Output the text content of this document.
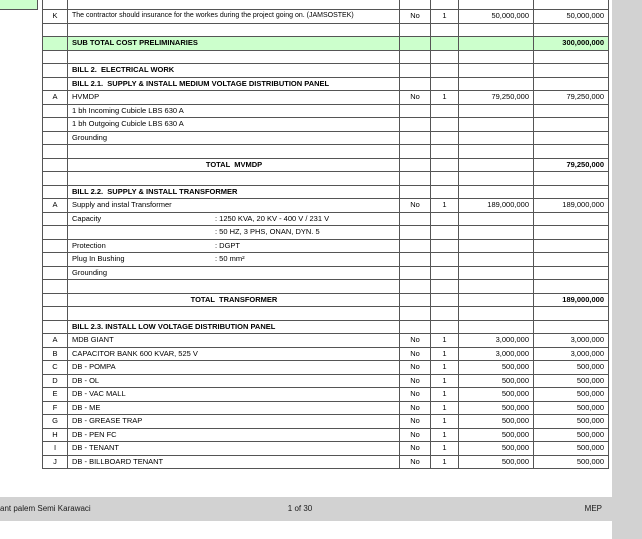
K	The contractor should insurance for the workes during the project going on. (JAMSOSTEK)	No	1	50,000,000	50,000,000
SUB TOTAL COST PRELIMINARIES	300,000,000
BILL 2.  ELECTRICAL WORK
BILL 2.1.  SUPPLY & INSTALL MEDIUM VOLTAGE DISTRIBUTION PANEL
A	HVMDP	No	1	79,250,000	79,250,000
1 bh Incoming Cubicle LBS 630 A
1 bh Outgoing Cubicle LBS 630 A
Grounding
TOTAL  MVMDP	79,250,000
BILL 2.2.  SUPPLY & INSTALL TRANSFORMER
A	Supply and instal Transformer	No	1	189,000,000	189,000,000
Capacity	: 1250 KVA, 20 KV - 400 V / 231 V
: 50 HZ, 3 PHS, ONAN, DYN. 5
Protection	: DGPT
Plug In Bushing	: 50 mm²
Grounding
TOTAL  TRANSFORMER	189,000,000
BILL 2.3. INSTALL LOW VOLTAGE DISTRIBUTION PANEL
A	MDB GIANT	No	1	3,000,000	3,000,000
B	CAPACITOR BANK 600 KVAR, 525 V	No	1	3,000,000	3,000,000
C	DB - POMPA	No	1	500,000	500,000
D	DB - OL	No	1	500,000	500,000
E	DB - VAC MALL	No	1	500,000	500,000
F	DB - ME	No	1	500,000	500,000
G	DB - GREASE TRAP	No	1	500,000	500,000
H	DB - PEN FC	No	1	500,000	500,000
I	DB - TENANT	No	1	500,000	500,000
J	DB - BILLBOARD TENANT	No	1	500,000	500,000
ant palem Semi Karawaci	1 of 30	MEP
